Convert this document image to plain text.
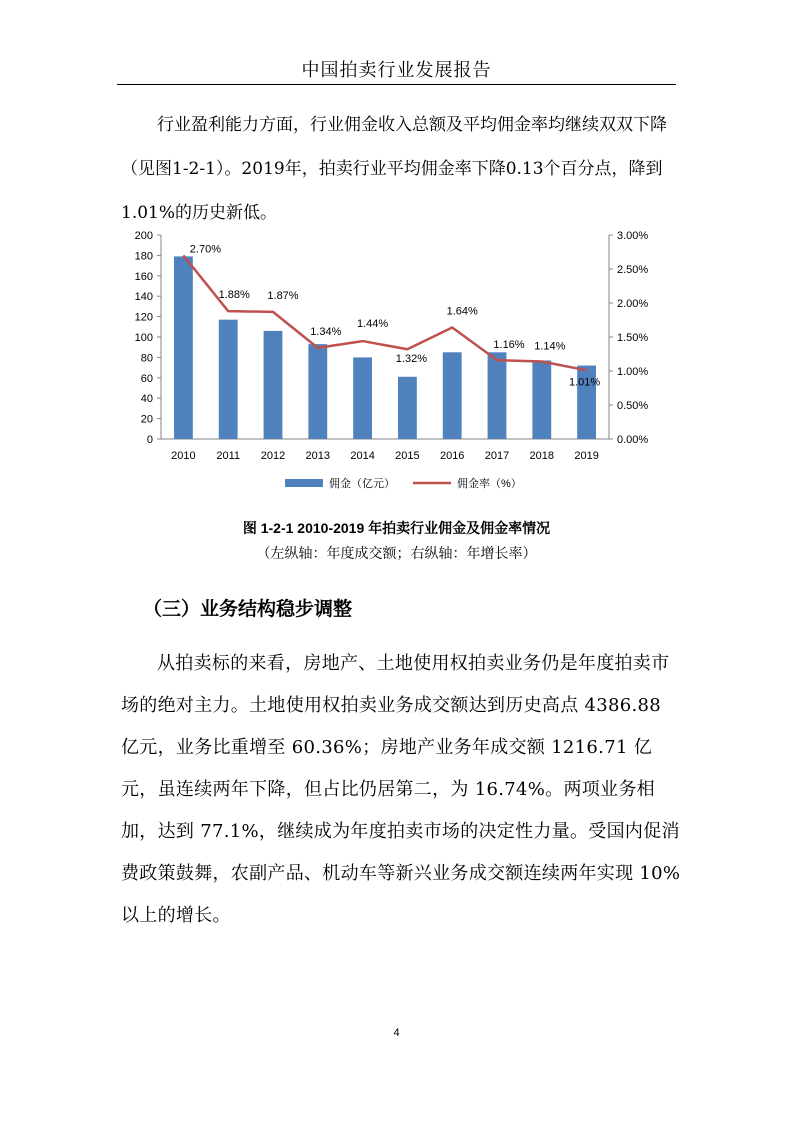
中国拍卖行业发展报告

行业盈利能力方面，行业佣金收入总额及平均佣金率均继续双双下降（见图1-2-1）。2019年，拍卖行业平均佣金率下降0.13个百分点，降到1.01%的历史新低。

0
20
40
60
80
100
120
140
160
180
200
0.00%
0.50%
1.00%
1.50%
2.00%
2.50%
3.00%
2010 2011 2012 2013 2014 2015 2016 2017 2018 2019
2.70%
1.88% 1.87%
1.34%
1.44%
1.32%
1.64%
1.16% 1.14%
1.01%
佣金（亿元）	佣金率（%）

图 1-2-1 2010-2019 年拍卖行业佣金及佣金率情况

（左纵轴：年度成交额；右纵轴：年增长率）

（三）业务结构稳步调整

从拍卖标的来看，房地产、土地使用权拍卖业务仍是年度拍卖市场的绝对主力。土地使用权拍卖业务成交额达到历史高点 4386.88 亿元，业务比重增至 60.36%；房地产业务年成交额 1216.71 亿元，虽连续两年下降，但占比仍居第二，为 16.74%。两项业务相加，达到 77.1%，继续成为年度拍卖市场的决定性力量。受国内促消费政策鼓舞，农副产品、机动车等新兴业务成交额连续两年实现 10%以上的增长。

4
